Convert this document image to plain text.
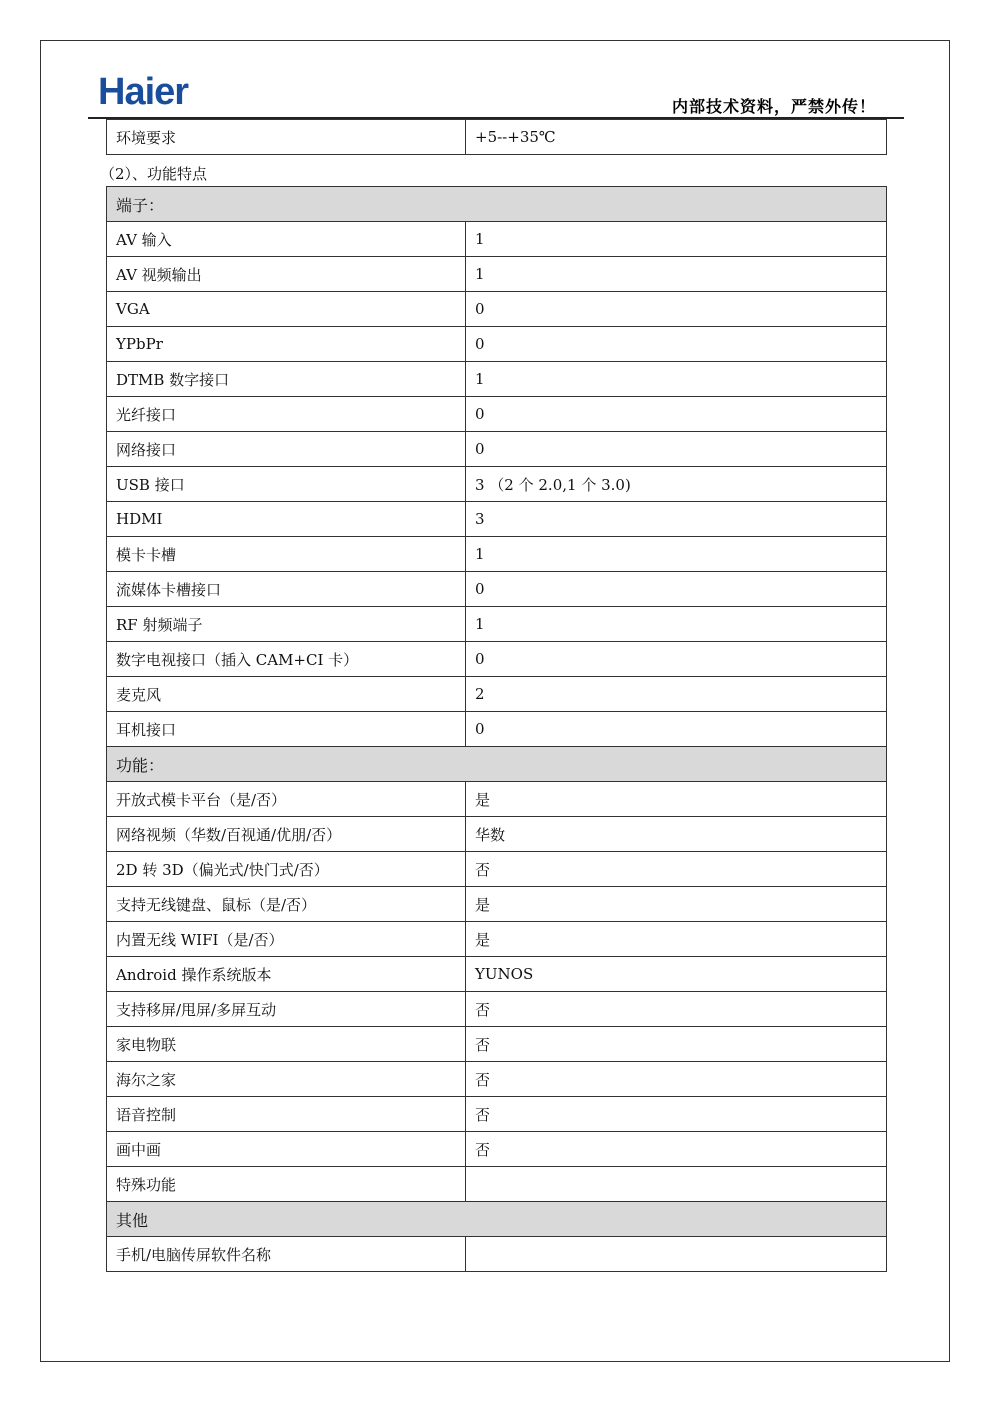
Haier	内部技术资料，严禁外传！
环境要求	+5--+35℃
（2）、功能特点
端子：	
AV 输入	1
AV 视频输出	1
VGA	0
YPbPr	0
DTMB 数字接口	1
光纤接口	0
网络接口	0
USB 接口	3 （2 个 2.0,1 个 3.0)
HDMI	3
模卡卡槽	1
流媒体卡槽接口	0
RF 射频端子	1
数字电视接口（插入 CAM+CI 卡）	0
麦克风	2
耳机接口	0
功能：	
开放式模卡平台（是/否）	是
网络视频（华数/百视通/优朋/否）	华数
2D 转 3D（偏光式/快门式/否）	否
支持无线键盘、鼠标（是/否）	是
内置无线 WIFI（是/否）	是
Android 操作系统版本	YUNOS
支持移屏/甩屏/多屏互动	否
家电物联	否
海尔之家	否
语音控制	否
画中画	否
特殊功能	
其他	
手机/电脑传屏软件名称	
